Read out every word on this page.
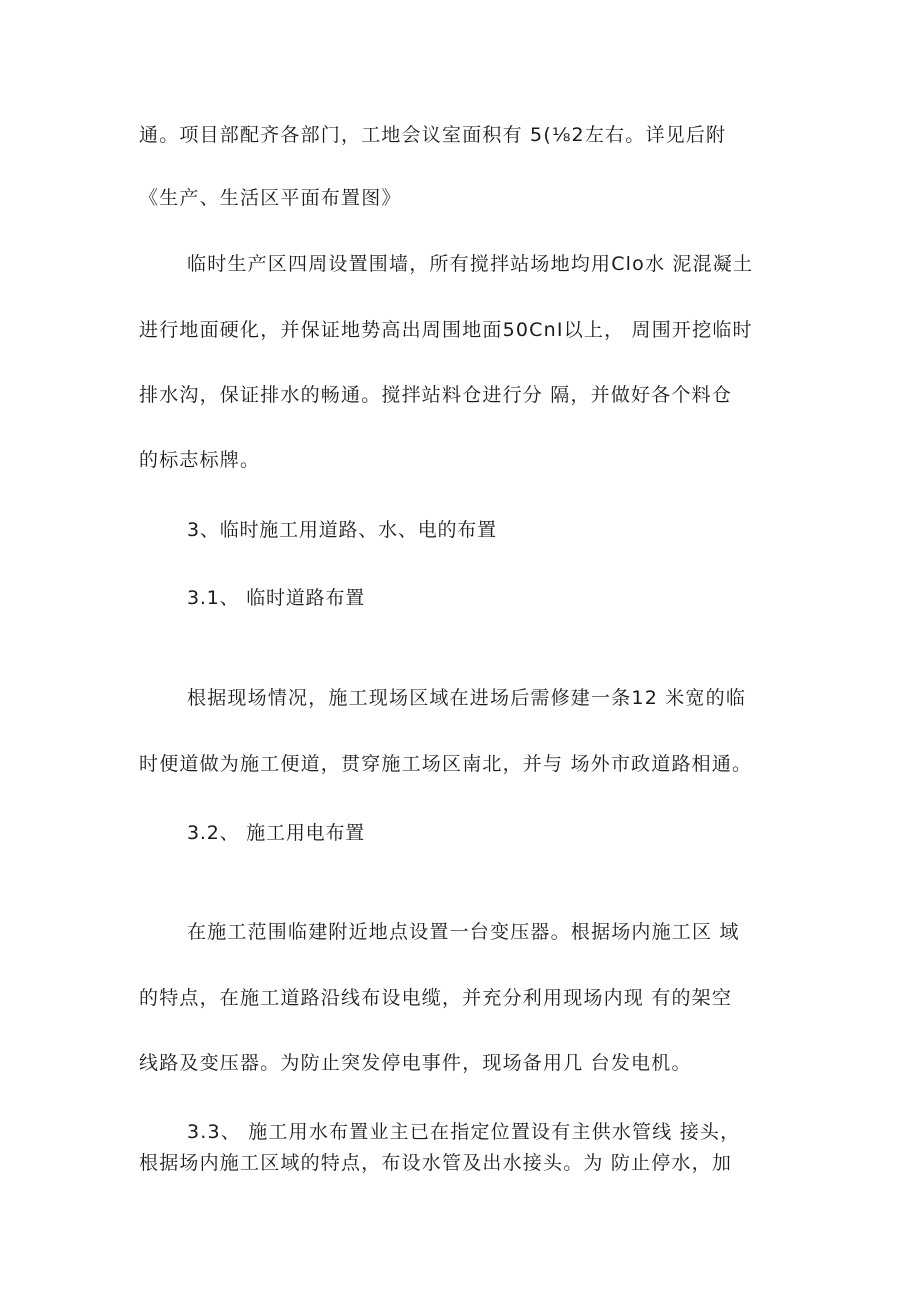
通。项目部配齐各部门，工地会议室面积有 5(⅛2左右。详见后附
《生产、生活区平面布置图》
临时生产区四周设置围墙，所有搅拌站场地均用Clo水 泥混凝土
进行地面硬化，并保证地势高出周围地面50CnI以上， 周围开挖临时
排水沟，保证排水的畅通。搅拌站料仓进行分 隔，并做好各个料仓
的标志标牌。
3、临时施工用道路、水、电的布置
3.1、 临时道路布置
根据现场情况，施工现场区域在进场后需修建一条12 米宽的临
时便道做为施工便道，贯穿施工场区南北，并与 场外市政道路相通。
3.2、 施工用电布置
在施工范围临建附近地点设置一台变压器。根据场内施工区 域
的特点，在施工道路沿线布设电缆，并充分利用现场内现 有的架空
线路及变压器。为防止突发停电事件，现场备用几 台发电机。
3.3、 施工用水布置业主已在指定位置设有主供水管线 接头，
根据场内施工区域的特点，布设水管及出水接头。为 防止停水，加
